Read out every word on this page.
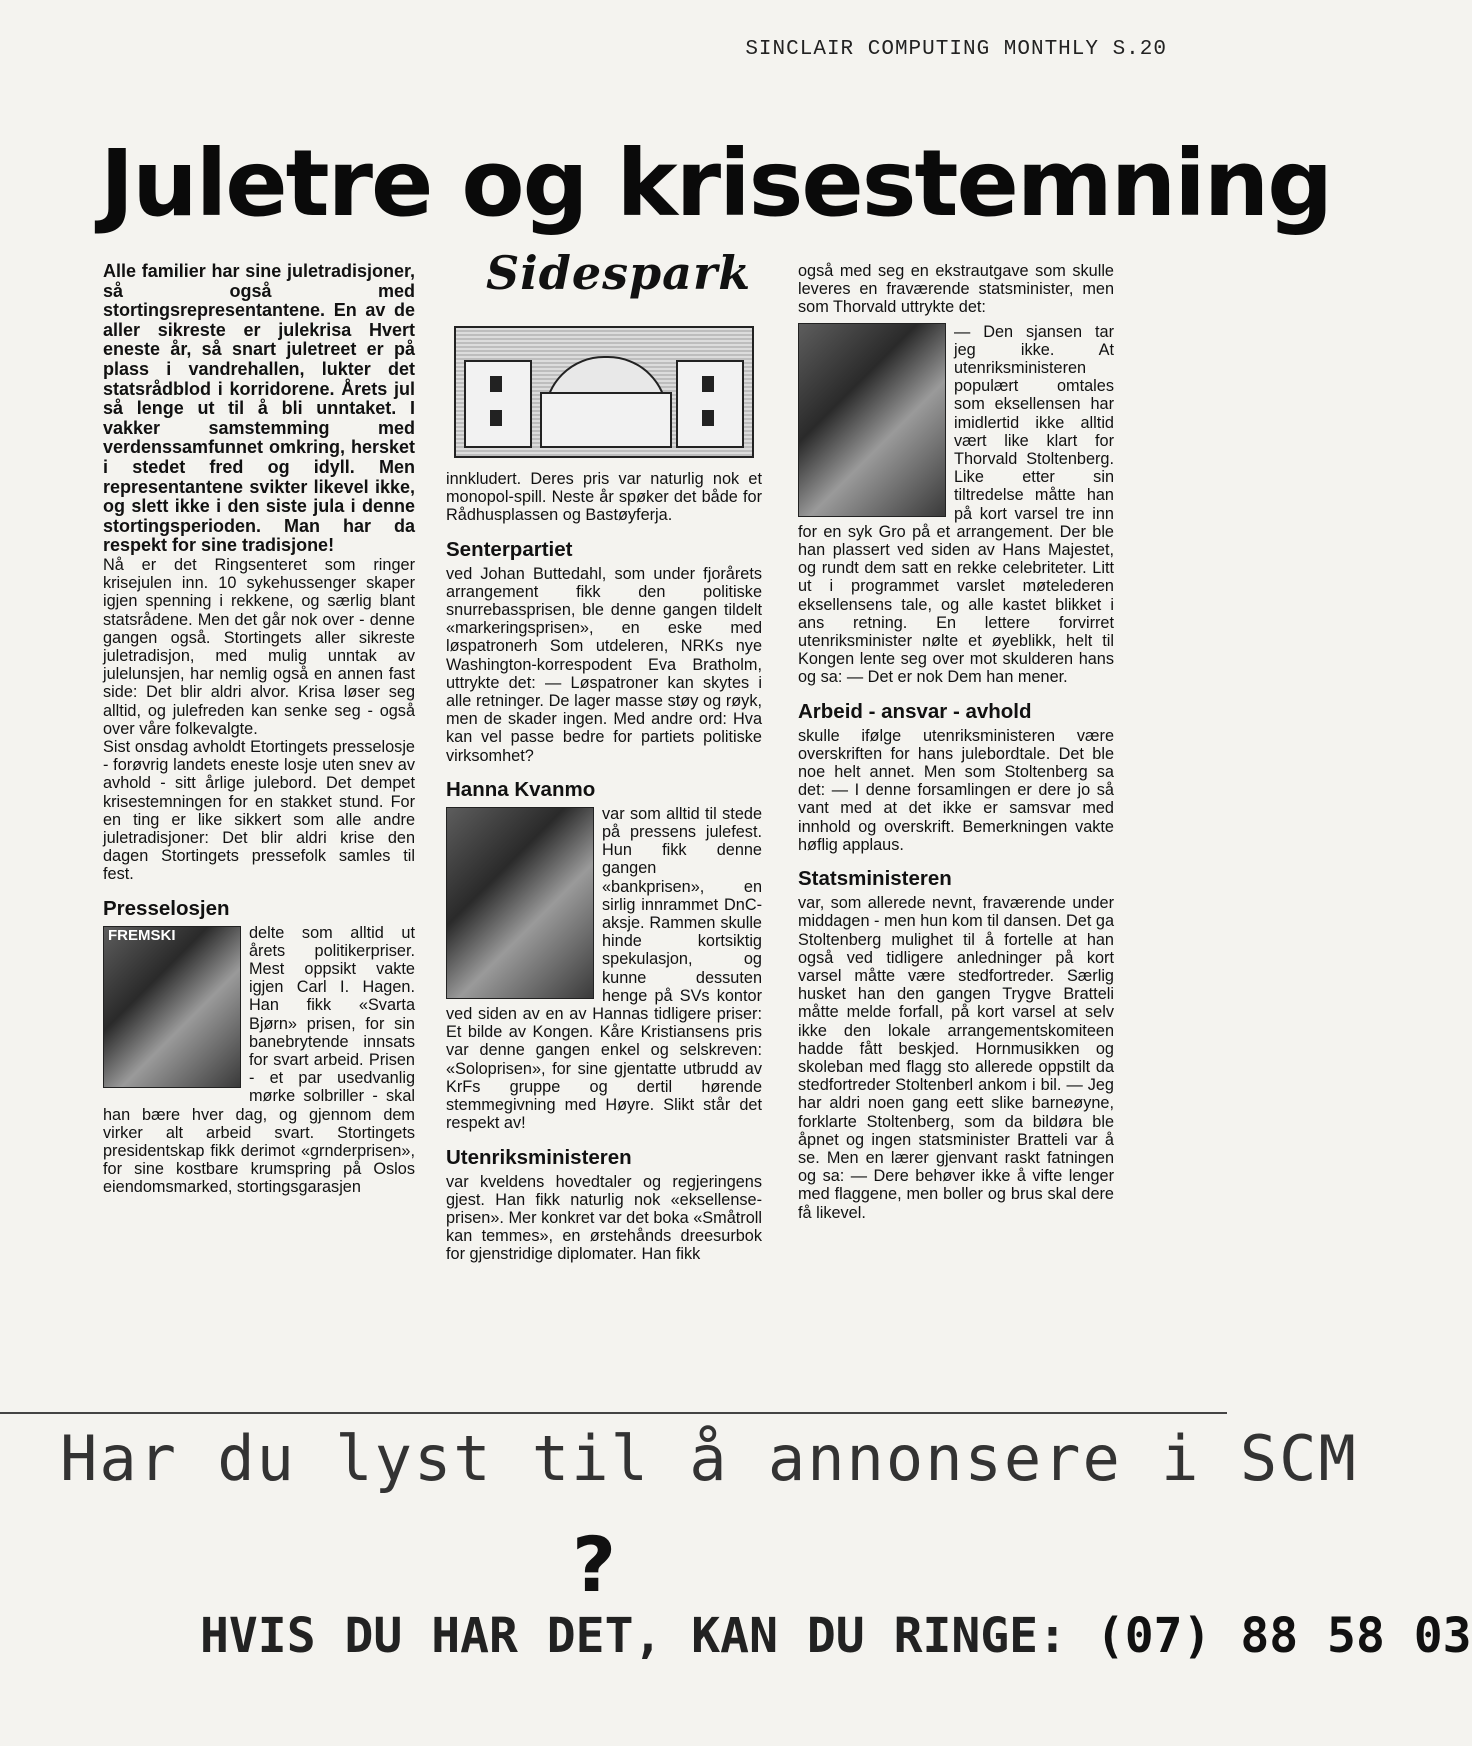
SINCLAIR COMPUTING MONTHLY S.20
Juletre og krisestemning

Alle familier har sine juletradisjoner, så også med stortingsrepresentantene. En av de aller sikreste er julekrisa Hvert eneste år, så snart juletreet er på plass i vandrehallen, lukter det statsrådblod i korridorene. Årets jul så lenge ut til å bli unntaket. I vakker samstemming med verdenssamfunnet omkring, hersket i stedet fred og idyll. Men representantene svikter likevel ikke, og slett ikke i den siste jula i denne stortingsperioden. Man har da respekt for sine tradisjone!

Nå er det Ringsenteret som ringer krisejulen inn. 10 sykehussenger skaper igjen spenning i rekkene, og særlig blant statsrådene. Men det går nok over - denne gangen også. Stortingets aller sikreste juletradisjon, med mulig unntak av julelunsjen, har nemlig også en annen fast side: Det blir aldri alvor. Krisa løser seg alltid, og julefreden kan senke seg - også over våre folkevalgte.

Sist onsdag avholdt Etortingets presselosje - forøvrig landets eneste losje uten snev av avhold - sitt årlige julebord. Det dempet krisestemningen for en stakket stund. For en ting er like sikkert som alle andre juletradisjoner: Det blir aldri krise den dagen Stortingets pressefolk samles til fest.

Presselosjen
FREMSKI	delte som alltid ut årets politikerpriser. Mest oppsikt vakte igjen Carl I. Hagen. Han fikk «Svarta Bjørn» prisen, for sin banebrytende innsats for svart arbeid. Prisen - et par usedvanlig mørke solbriller - skal han bære hver dag, og gjennom dem virker alt arbeid svart. Stortingets presidentskap fikk derimot «grnderprisen», for sine kostbare krumspring på Oslos eiendomsmarked, stortingsgarasjen

Sidespark

innkludert. Deres pris var naturlig nok et monopol-spill. Neste år spøker det både for Rådhusplassen og Bastøyferja.

Senterpartiet

ved Johan Buttedahl, som under fjorårets arrangement fikk den politiske snurrebassprisen, ble denne gangen tildelt «markeringsprisen», en eske med løspatronerh Som utdeleren, NRKs nye Washington-korrespodent Eva Bratholm, uttrykte det: — Løspatroner kan skytes i alle retninger. De lager masse støy og røyk, men de skader ingen. Med andre ord: Hva kan vel passe bedre for partiets politiske virksomhet?

Hanna Kvanmo

var som alltid til stede på pressens julefest. Hun fikk denne gangen «bankprisen», en sirlig innrammet DnC-aksje. Rammen skulle hinde kortsiktig spekulasjon, og kunne dessuten henge på SVs kontor ved siden av en av Hannas tidligere priser: Et bilde av Kongen. Kåre Kristiansens pris var denne gangen enkel og selskreven: «Soloprisen», for sine gjentatte utbrudd av KrFs gruppe og dertil hørende stemmegivning med Høyre. Slikt står det respekt av!

Utenriksministeren

var kveldens hovedtaler og regjeringens gjest. Han fikk naturlig nok «eksellense-prisen». Mer konkret var det boka «Småtroll kan temmes», en ørstehånds dreesurbok for gjenstridige diplomater. Han fikk

også med seg en ekstrautgave som skulle leveres en fraværende statsminister, men som Thorvald uttrykte det:

— Den sjansen tar jeg ikke. At utenriksministeren populært omtales som eksellensen har imidlertid ikke alltid vært like klart for Thorvald Stoltenberg. Like etter sin tiltredelse måtte han på kort varsel tre inn for en syk Gro på et arrangement. Der ble han plassert ved siden av Hans Majestet, og rundt dem satt en rekke celebriteter. Litt ut i programmet varslet møtelederen eksellensens tale, og alle kastet blikket i ans retning. En lettere forvirret utenriksminister nølte et øyeblikk, helt til Kongen lente seg over mot skulderen hans og sa: — Det er nok Dem han mener.

Arbeid - ansvar - avhold

skulle ifølge utenriksministeren være overskriften for hans julebordtale. Det ble noe helt annet. Men som Stoltenberg sa det: — I denne forsamlingen er dere jo så vant med at det ikke er samsvar med innhold og overskrift. Bemerkningen vakte høflig applaus.

Statsministeren

var, som allerede nevnt, fraværende under middagen - men hun kom til dansen. Det ga Stoltenberg mulighet til å fortelle at han også ved tidligere anledninger på kort varsel måtte være stedfortreder. Særlig husket han den gangen Trygve Bratteli måtte melde forfall, på kort varsel at selv ikke den lokale arrangementskomiteen hadde fått beskjed. Hornmusikken og skoleban med flagg sto allerede oppstilt da stedfortreder Stoltenberl ankom i bil. — Jeg har aldri noen gang eett slike barneøyne, forklarte Stoltenberg, som da bildøra ble åpnet og ingen statsminister Bratteli var å se. Men en lærer gjenvant raskt fatningen og sa: — Dere behøver ikke å vifte lenger med flaggene, men boller og brus skal dere få likevel.

Har du lyst til å annonsere i SCM
?
HVIS DU HAR DET, KAN DU RINGE: (07) 88 58 03
